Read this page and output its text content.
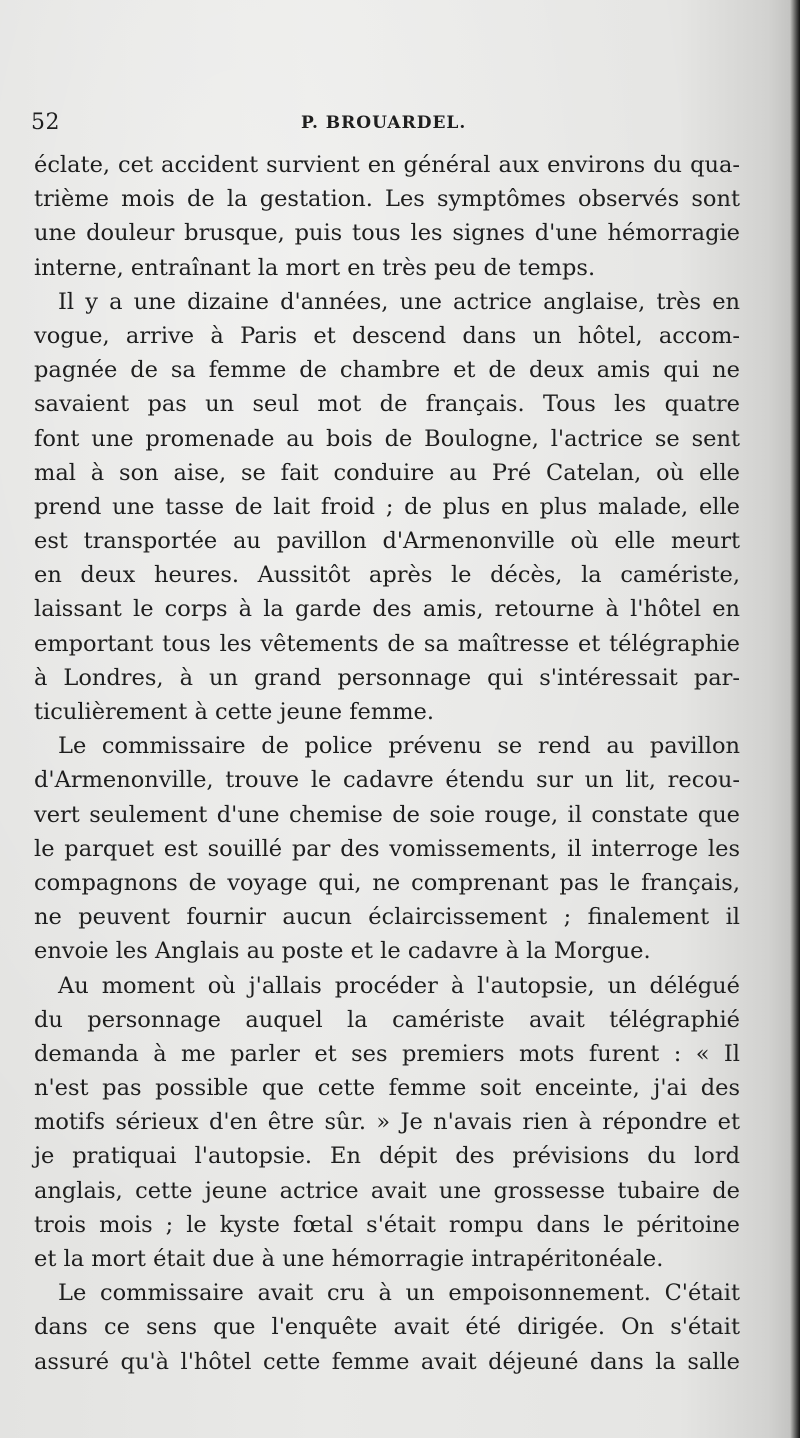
52	P. BROUARDEL.
éclate, cet accident survient en général aux environs du qua-
trième mois de la gestation. Les symptômes observés sont
une douleur brusque, puis tous les signes d'une hémorragie
interne, entraînant la mort en très peu de temps.
Il y a une dizaine d'années, une actrice anglaise, très en
vogue, arrive à Paris et descend dans un hôtel, accom-
pagnée de sa femme de chambre et de deux amis qui ne
savaient pas un seul mot de français. Tous les quatre
font une promenade au bois de Boulogne, l'actrice se sent
mal à son aise, se fait conduire au Pré Catelan, où elle
prend une tasse de lait froid ; de plus en plus malade, elle
est transportée au pavillon d'Armenonville où elle meurt
en deux heures. Aussitôt après le décès, la camériste,
laissant le corps à la garde des amis, retourne à l'hôtel en
emportant tous les vêtements de sa maîtresse et télégraphie
à Londres, à un grand personnage qui s'intéressait par-
ticulièrement à cette jeune femme.
Le commissaire de police prévenu se rend au pavillon
d'Armenonville, trouve le cadavre étendu sur un lit, recou-
vert seulement d'une chemise de soie rouge, il constate que
le parquet est souillé par des vomissements, il interroge les
compagnons de voyage qui, ne comprenant pas le français,
ne peuvent fournir aucun éclaircissement ; finalement il
envoie les Anglais au poste et le cadavre à la Morgue.
Au moment où j'allais procéder à l'autopsie, un délégué
du personnage auquel la camériste avait télégraphié
demanda à me parler et ses premiers mots furent : « Il
n'est pas possible que cette femme soit enceinte, j'ai des
motifs sérieux d'en être sûr. » Je n'avais rien à répondre et
je pratiquai l'autopsie. En dépit des prévisions du lord
anglais, cette jeune actrice avait une grossesse tubaire de
trois mois ; le kyste fœtal s'était rompu dans le péritoine
et la mort était due à une hémorragie intrapéritonéale.
Le commissaire avait cru à un empoisonnement. C'était
dans ce sens que l'enquête avait été dirigée. On s'était
assuré qu'à l'hôtel cette femme avait déjeuné dans la salle
